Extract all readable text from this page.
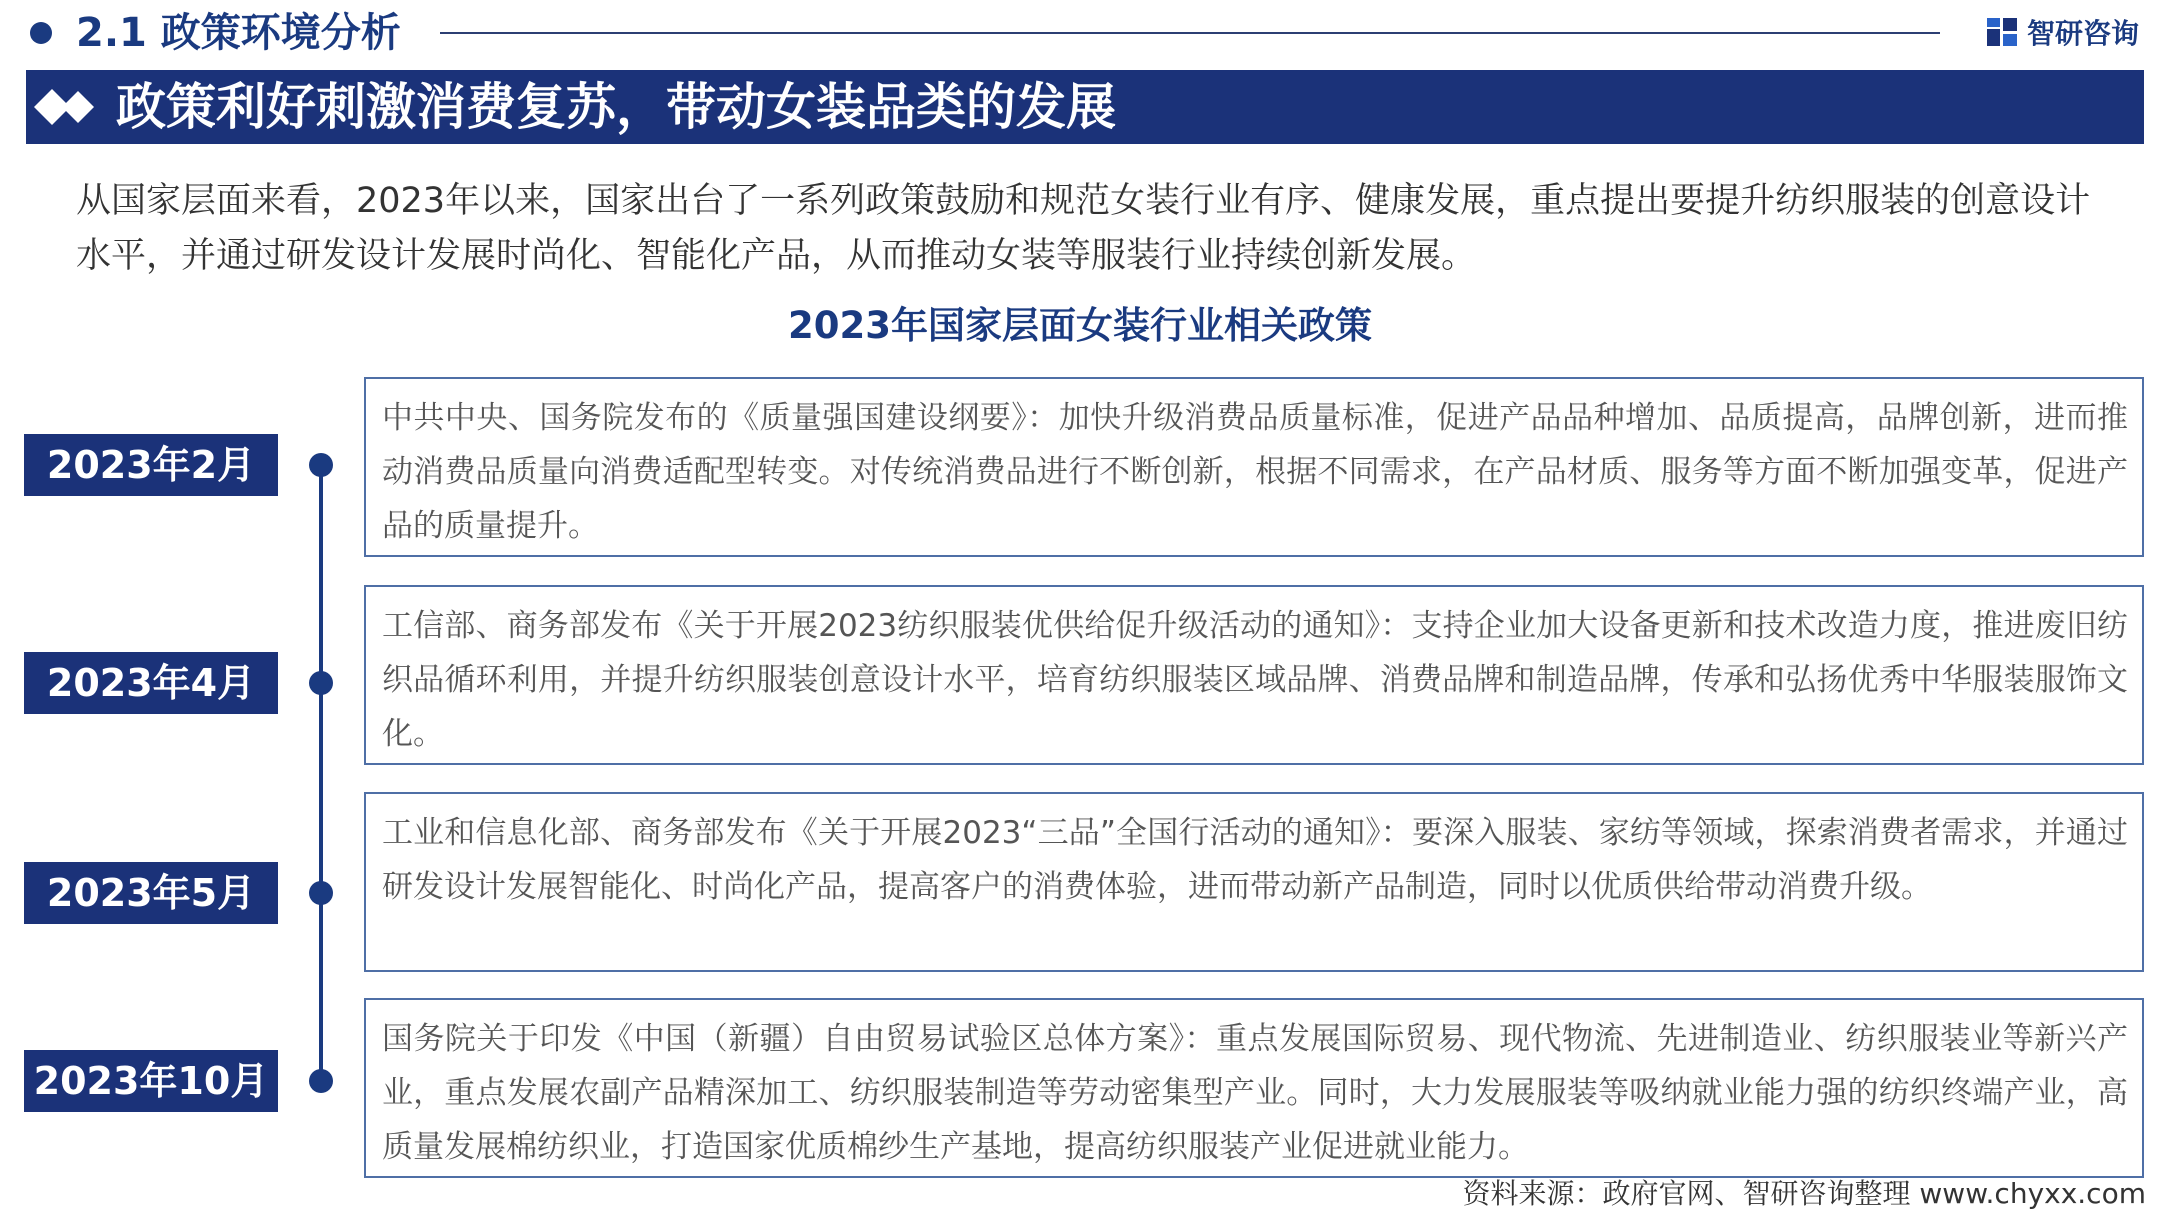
2.1 政策环境分析	智研咨询
政策利好刺激消费复苏，带动女装品类的发展

从国家层面来看，2023年以来，国家出台了一系列政策鼓励和规范女装行业有序、健康发展，重点提出要提升纺织服装的创意设计水平，并通过研发设计发展时尚化、智能化产品，从而推动女装等服装行业持续创新发展。

2023年国家层面女装行业相关政策
2023年2月

中共中央、国务院发布的《质量强国建设纲要》：加快升级消费品质量标准，促进产品品种增加、品质提高，品牌创新，进而推动消费品质量向消费适配型转变。对传统消费品进行不断创新，根据不同需求，在产品材质、服务等方面不断加强变革，促进产品的质量提升。

2023年4月

工信部、商务部发布《关于开展2023纺织服装优供给促升级活动的通知》：支持企业加大设备更新和技术改造力度，推进废旧纺织品循环利用，并提升纺织服装创意设计水平，培育纺织服装区域品牌、消费品牌和制造品牌，传承和弘扬优秀中华服装服饰文化。

2023年5月

工业和信息化部、商务部发布《关于开展2023“三品”全国行活动的通知》：要深入服装、家纺等领域，探索消费者需求，并通过研发设计发展智能化、时尚化产品，提高客户的消费体验，进而带动新产品制造，同时以优质供给带动消费升级。

2023年10月

国务院关于印发《中国（新疆）自由贸易试验区总体方案》：重点发展国际贸易、现代物流、先进制造业、纺织服装业等新兴产业，重点发展农副产品精深加工、纺织服装制造等劳动密集型产业。同时，大力发展服装等吸纳就业能力强的纺织终端产业，高质量发展棉纺织业，打造国家优质棉纱生产基地，提高纺织服装产业促进就业能力。

资料来源：政府官网、智研咨询整理 www.chyxx.com
